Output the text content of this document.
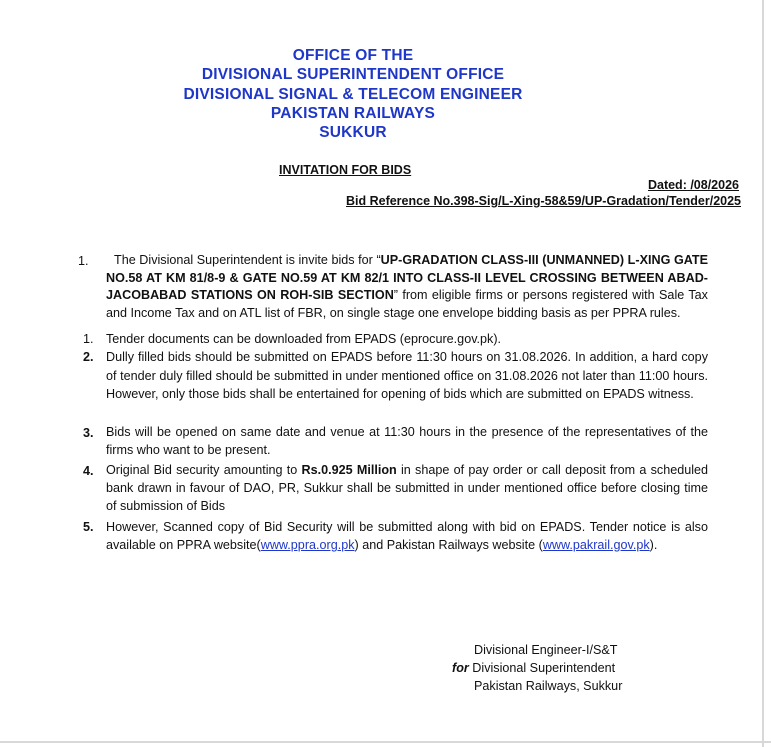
OFFICE OF THE
DIVISIONAL SUPERINTENDENT OFFICE
DIVISIONAL SIGNAL & TELECOM ENGINEER
PAKISTAN RAILWAYS
SUKKUR
INVITATION FOR BIDS
Dated: /08/2026
Bid Reference No.398-Sig/L-Xing-58&59/UP-Gradation/Tender/2025
1.	The Divisional Superintendent is invite bids for “UP-GRADATION CLASS-III (UNMANNED) L-XING GATE NO.58 AT KM 81/8-9 & GATE NO.59 AT KM 82/1 INTO CLASS-II LEVEL CROSSING BETWEEN ABAD-JACOBABAD STATIONS ON ROH-SIB SECTION” from eligible firms or persons registered with Sale Tax and Income Tax and on ATL list of FBR, on single stage one envelope bidding basis as per PPRA rules.
1. Tender documents can be downloaded from EPADS (eprocure.gov.pk).
2. Dully filled bids should be submitted on EPADS before 11:30 hours on 31.08.2026. In addition, a hard copy of tender duly filled should be submitted in under mentioned office on 31.08.2026 not later than 11:00 hours. However, only those bids shall be entertained for opening of bids which are submitted on EPADS witness.
3. Bids will be opened on same date and venue at 11:30 hours in the presence of the representatives of the firms who want to be present.
4. Original Bid security amounting to Rs.0.925 Million in shape of pay order or call deposit from a scheduled bank drawn in favour of DAO, PR, Sukkur shall be submitted in under mentioned office before closing time of submission of Bids
5. However, Scanned copy of Bid Security will be submitted along with bid on EPADS. Tender notice is also available on PPRA website(www.ppra.org.pk) and Pakistan Railways website (www.pakrail.gov.pk).
Divisional Engineer-I/S&T
for Divisional Superintendent
Pakistan Railways, Sukkur
